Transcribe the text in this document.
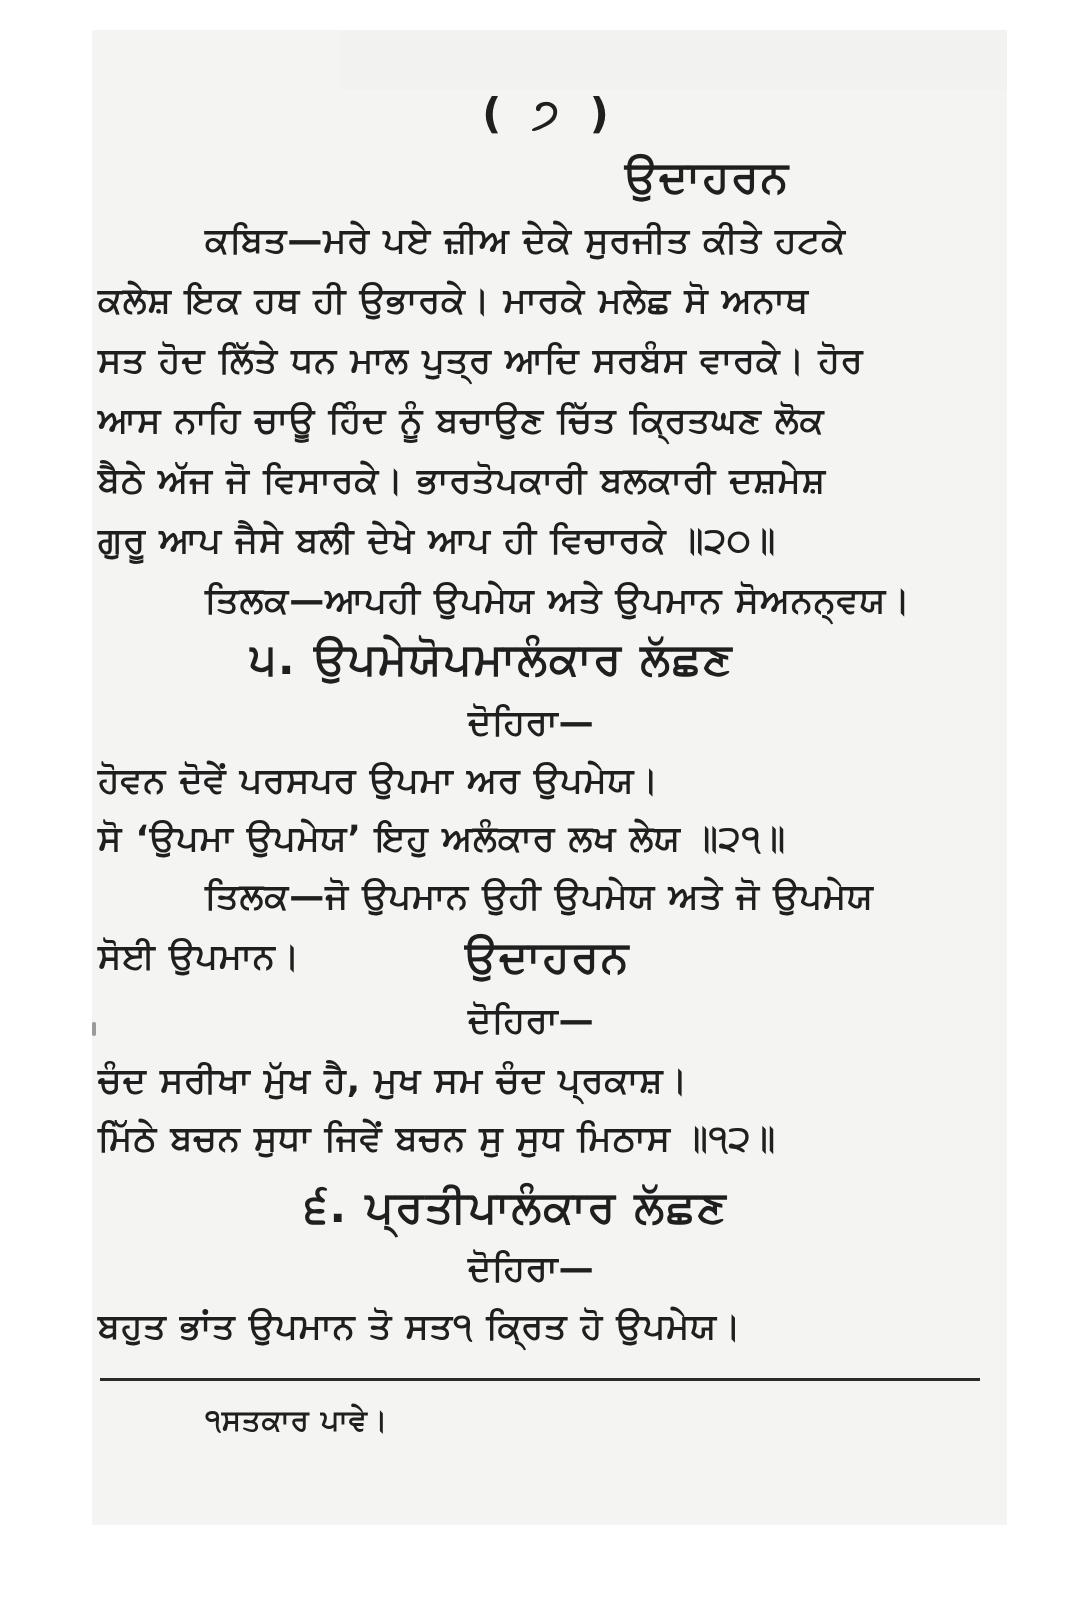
( ੭ )
ਉਦਾਹਰਨ
ਕਬਿਤ—ਮਰੇ ਪਏ ਜ਼ੀਅ ਦੇਕੇ ਸੁਰਜੀਤ ਕੀਤੇ ਹਟਕੇ
ਕਲੇਸ਼ ਇਕ ਹਥ ਹੀ ਉਭਾਰਕੇ। ਮਾਰਕੇ ਮਲੇਛ ਸੋ ਅਨਾਥ
ਸਤ ਹੋਦ ਲਿੱਤੇ ਧਨ ਮਾਲ ਪੁਤ੍ਰ ਆਦਿ ਸਰਬੰਸ ਵਾਰਕੇ। ਹੋਰ
ਆਸ ਨਾਹਿ ਚਾਊ ਹਿੰਦ ਨੂੰ ਬਚਾਉਣ ਚਿੱਤ ਕ੍ਰਿਤਘਣ ਲੋਕ
ਬੈਠੇ ਅੱਜ ਜੋ ਵਿਸਾਰਕੇ। ਭਾਰਤੋਪਕਾਰੀ ਬਲਕਾਰੀ ਦਸ਼ਮੇਸ਼
ਗੁਰੂ ਆਪ ਜੈਸੇ ਬਲੀ ਦੇਖੇ ਆਪ ਹੀ ਵਿਚਾਰਕੇ ॥੨੦॥
ਤਿਲਕ—ਆਪਹੀ ਉਪਮੇਯ ਅਤੇ ਉਪਮਾਨ ਸੋਅਨਨ੍ਵਯ।
੫. ਉਪਮੇਯੋਪਮਾਲੰਕਾਰ ਲੱਛਣ
ਦੋਹਿਰਾ—
ਹੋਵਨ ਦੋਵੇਂ ਪਰਸਪਰ ਉਪਮਾ ਅਰ ਉਪਮੇਯ।
ਸੋ ‘ਉਪਮਾ ਉਪਮੇਯ’ ਇਹੁ ਅਲੰਕਾਰ ਲਖ ਲੇਯ ॥੨੧॥
ਤਿਲਕ—ਜੋ ਉਪਮਾਨ ਉਹੀ ਉਪਮੇਯ ਅਤੇ ਜੋ ਉਪਮੇਯ
ਸੋਈ ਉਪਮਾਨ।	ਉਦਾਹਰਨ
ਦੋਹਿਰਾ—
ਚੰਦ ਸਰੀਖਾ ਮੁੱਖ ਹੈ, ਮੁਖ ਸਮ ਚੰਦ ਪ੍ਰਕਾਸ਼।
ਮਿੱਠੇ ਬਚਨ ਸੁਧਾ ਜਿਵੇਂ ਬਚਨ ਸੁ ਸੁਧ ਮਿਠਾਸ ॥੧੨॥
੬. ਪ੍ਰਤੀਪਾਲੰਕਾਰ ਲੱਛਣ
ਦੋਹਿਰਾ—
ਬਹੁਤ ਭਾਂਤ ਉਪਮਾਨ ਤੋ ਸਤ੧ ਕ੍ਰਿਤ ਹੋ ਉਪਮੇਯ।
੧ਸਤਕਾਰ ਪਾਵੇ।
